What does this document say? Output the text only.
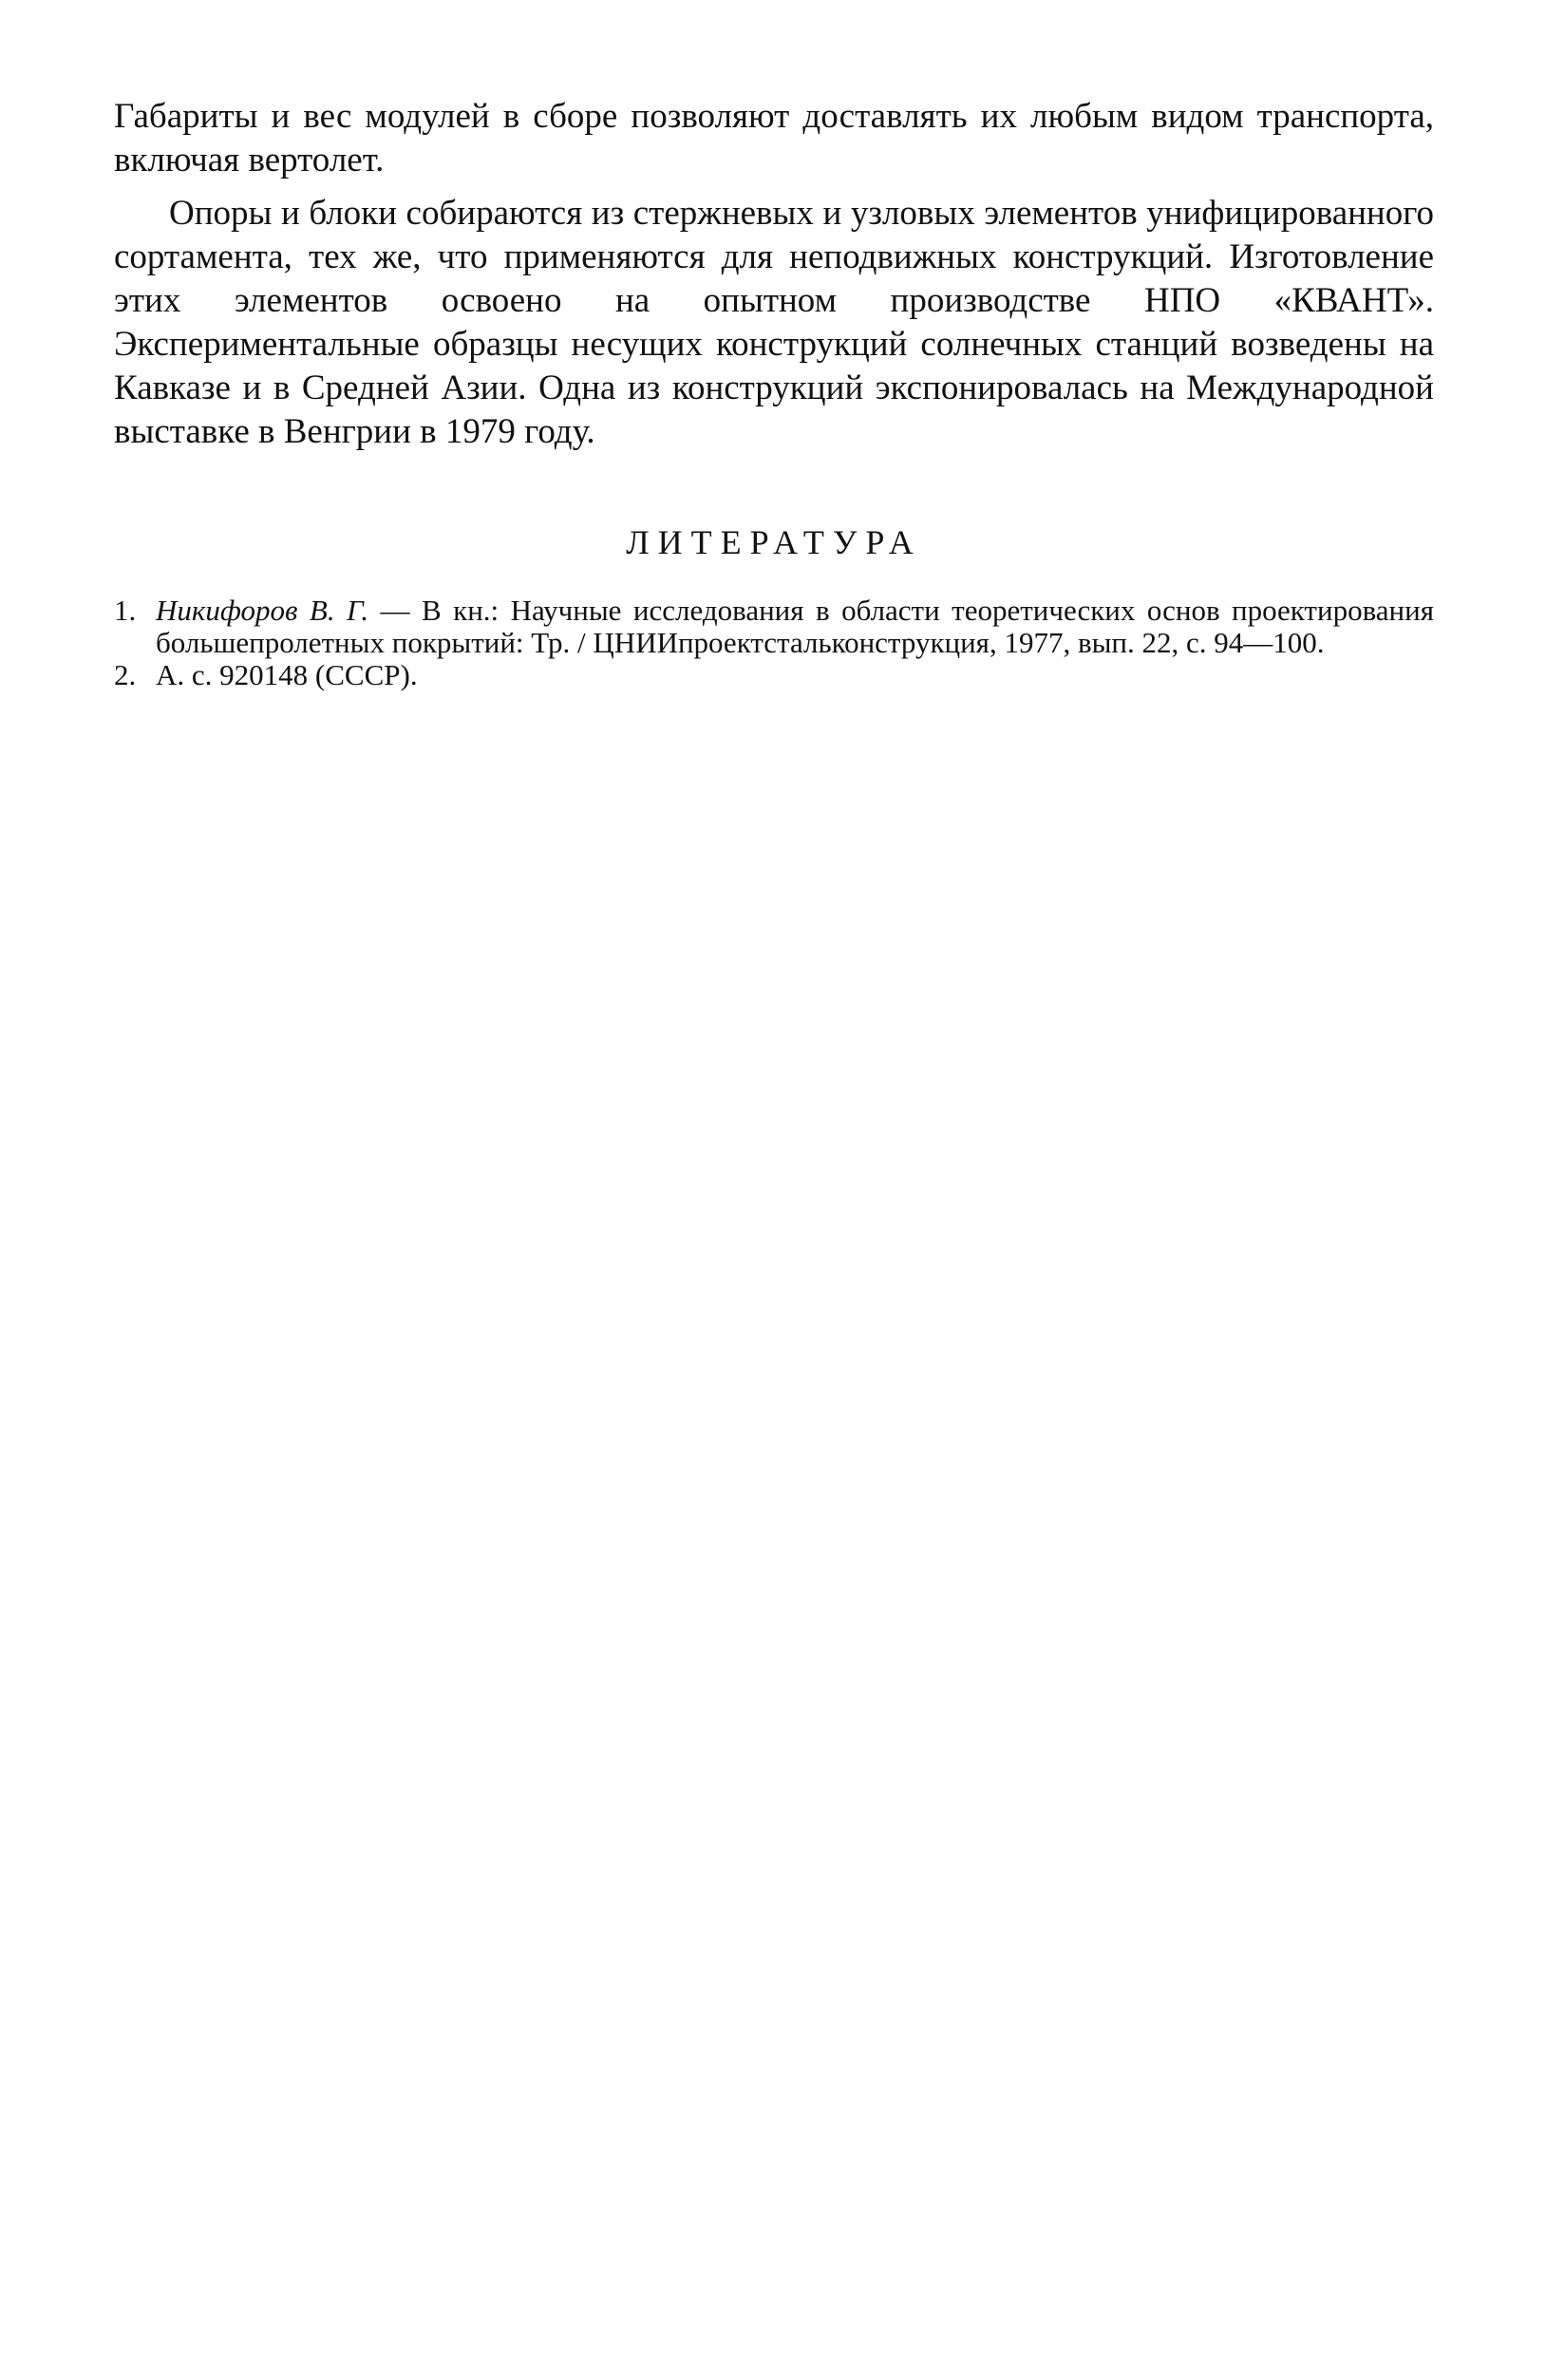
Габариты и вес модулей в сборе позволяют доставлять их любым видом транспорта, включая вертолет.

Опоры и блоки собираются из стержневых и узловых элементов унифицированного сортамента, тех же, что применяются для неподвижных конструкций. Изготовление этих элементов освоено на опытном производстве НПО «КВАНТ». Экспериментальные образцы несущих конструкций солнечных станций возведены на Кавказе и в Средней Азии. Одна из конструкций экспонировалась на Международной выставке в Венгрии в 1979 году.

ЛИТЕРАТУРА
1. Никифоров В. Г. — В кн.: Научные исследования в области теоретических основ проектирования большепролетных покрытий: Тр. / ЦНИИпроектстальконструкция, 1977, вып. 22, с. 94—100.
2. А. с. 920148 (СССР).
